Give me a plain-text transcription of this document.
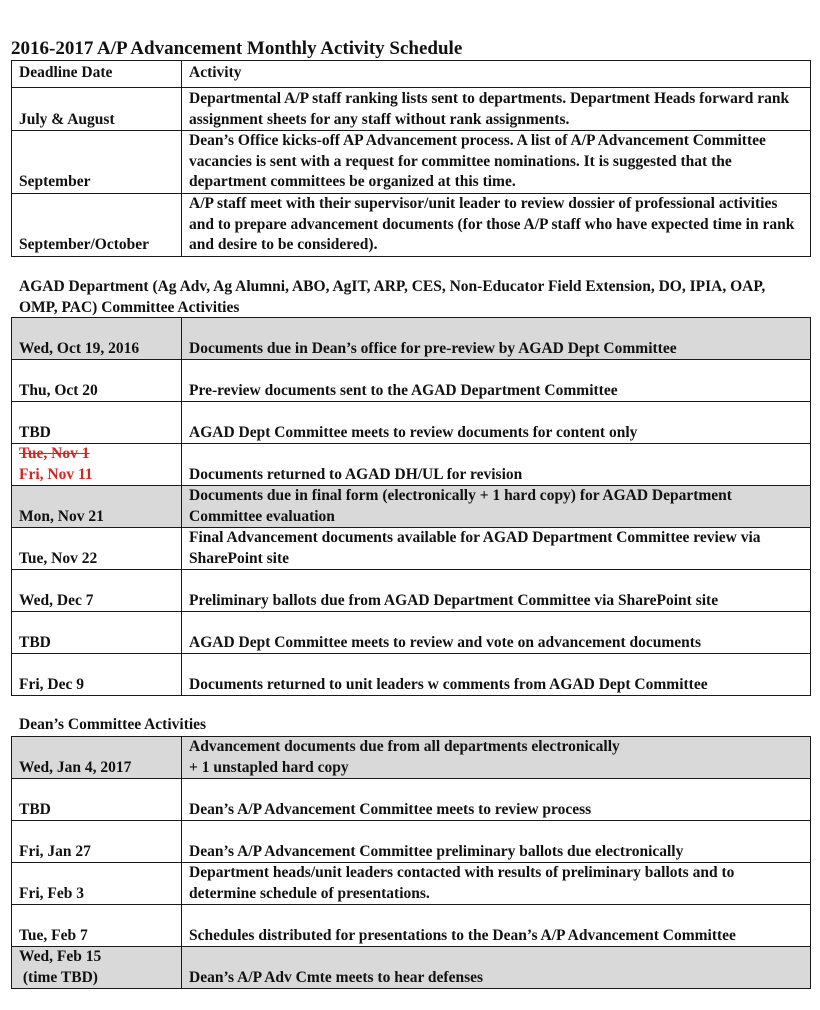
2016-2017 A/P Advancement Monthly Activity Schedule
Deadline Date	Activity
July & August	Departmental A/P staff ranking lists sent to departments. Department Heads forward rank assignment sheets for any staff without rank assignments.
September	Dean’s Office kicks-off AP Advancement process. A list of A/P Advancement Committee vacancies is sent with a request for committee nominations. It is suggested that the department committees be organized at this time.
September/October	A/P staff meet with their supervisor/unit leader to review dossier of professional activities and to prepare advancement documents (for those A/P staff who have expected time in rank and desire to be considered).

AGAD Department (Ag Adv, Ag Alumni, ABO, AgIT, ARP, CES, Non-Educator Field Extension, DO, IPIA, OAP, OMP, PAC) Committee Activities

Wed, Oct 19, 2016	Documents due in Dean’s office for pre-review by AGAD Dept Committee
Thu, Oct 20	Pre-review documents sent to the AGAD Department Committee
TBD	AGAD Dept Committee meets to review documents for content only

Tue, Nov 1
Fri, Nov 11	Documents returned to AGAD DH/UL for revision
Mon, Nov 21	Documents due in final form (electronically + 1 hard copy) for AGAD Department Committee evaluation
Tue, Nov 22	Final Advancement documents available for AGAD Department Committee review via SharePoint site
Wed, Dec 7	Preliminary ballots due from AGAD Department Committee via SharePoint site
TBD	AGAD Dept Committee meets to review and vote on advancement documents
Fri, Dec 9	Documents returned to unit leaders w comments from AGAD Dept Committee

Dean’s Committee Activities

Wed, Jan 4, 2017	Advancement documents due from all departments electronically
+ 1 unstapled hard copy

TBD	Dean’s A/P Advancement Committee meets to review process
Fri, Jan 27	Dean’s A/P Advancement Committee preliminary ballots due electronically
Fri, Feb 3	Department heads/unit leaders contacted with results of preliminary ballots and to determine schedule of presentations.
Tue, Feb 7	Schedules distributed for presentations to the Dean’s A/P Advancement Committee

Wed, Feb 15
(time TBD)	Dean’s A/P Adv Cmte meets to hear defenses
